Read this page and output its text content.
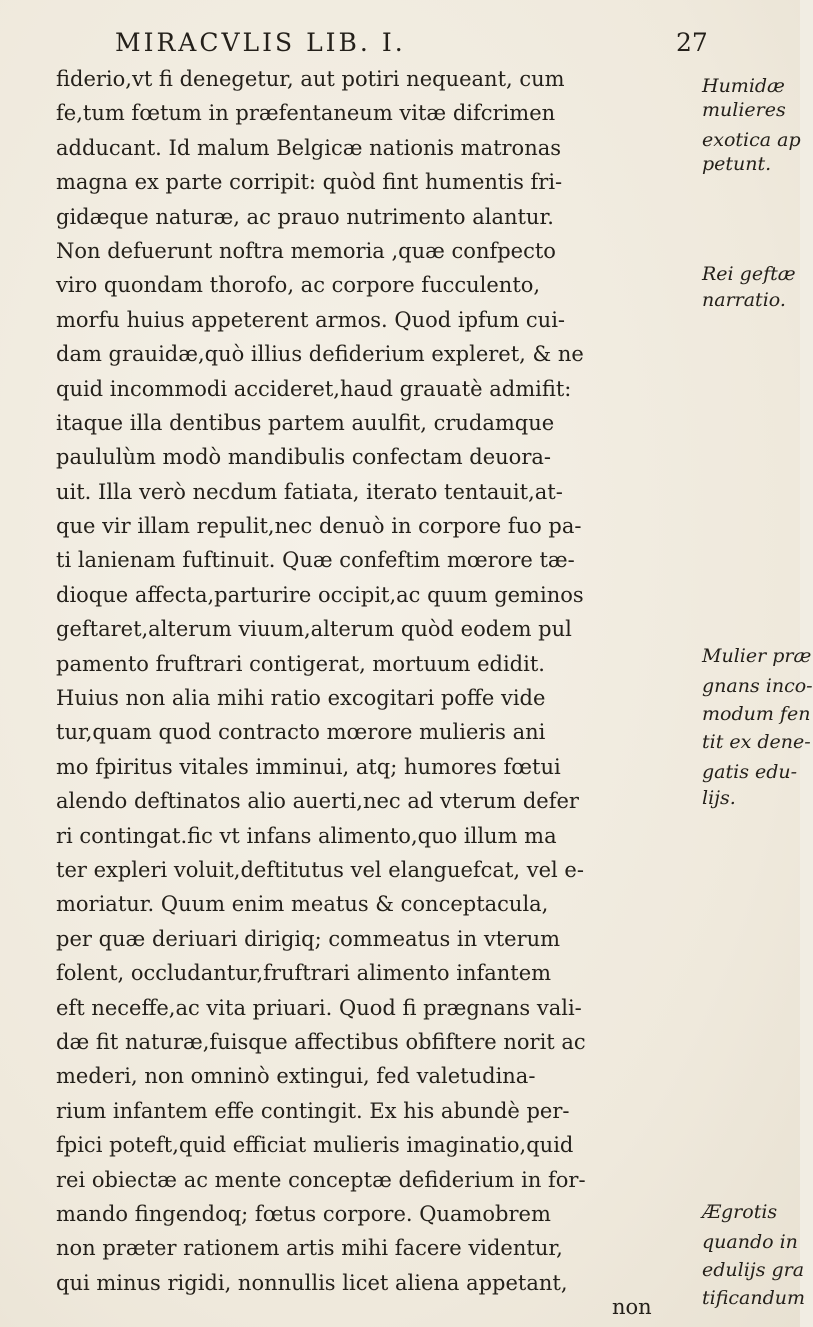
MIRACVLIS LIB. I.	27
fiderio,vt fi denegetur, aut potiri nequeant, cum
fe,tum fœtum in præfentaneum vitæ difcrimen
adducant. Id malum Belgicæ nationis matronas
magna ex parte corripit: quòd fint humentis fri-
gidæque naturæ, ac prauo nutrimento alantur.
Non defuerunt noftra memoria ,quæ confpecto
viro quondam thorofo, ac corpore fucculento,
morfu huius appeterent armos. Quod ipfum cui-
dam grauidæ,quò illius defiderium expleret, & ne
quid incommodi accideret,haud grauatè admifit:
itaque illa dentibus partem auulfit, crudamque
paululùm modò mandibulis confectam deuora-
uit. Illa verò necdum fatiata, iterato tentauit,at-
que vir illam repulit,nec denuò in corpore fuo pa-
ti lanienam fuftinuit. Quæ confeftim mœrore tæ-
dioque affecta,parturire occipit,ac quum geminos
geftaret,alterum viuum,alterum quòd eodem pul
pamento fruftrari contigerat, mortuum edidit.
Huius non alia mihi ratio excogitari poffe vide
tur,quam quod contracto mœrore mulieris ani
mo fpiritus vitales imminui, atq; humores fœtui
alendo deftinatos alio auerti,nec ad vterum defer
ri contingat.fic vt infans alimento,quo illum ma
ter expleri voluit,deftitutus vel elanguefcat, vel e-
moriatur. Quum enim meatus & conceptacula,
per quæ deriuari dirigiq; commeatus in vterum
folent, occludantur,fruftrari alimento infantem
eft neceffe,ac vita priuari. Quod fi prægnans vali-
dæ fit naturæ,fuisque affectibus obfiftere norit ac
mederi, non omninò extingui, fed valetudina-
rium infantem effe contingit. Ex his abundè per-
fpici poteft,quid efficiat mulieris imaginatio,quid
rei obiectæ ac mente conceptæ defiderium in for-
mando fingendoq; fœtus corpore. Quamobrem
non præter rationem artis mihi facere videntur,
qui minus rigidi, nonnullis licet aliena appetant,
non
Humidæ
mulieres
exotica ap
petunt.
Rei geftæ
narratio.
Mulier præ
gnans inco-
modum fen
tit ex dene-
gatis edu-
lijs.
Ægrotis
quando in
edulijs gra
tificandum
